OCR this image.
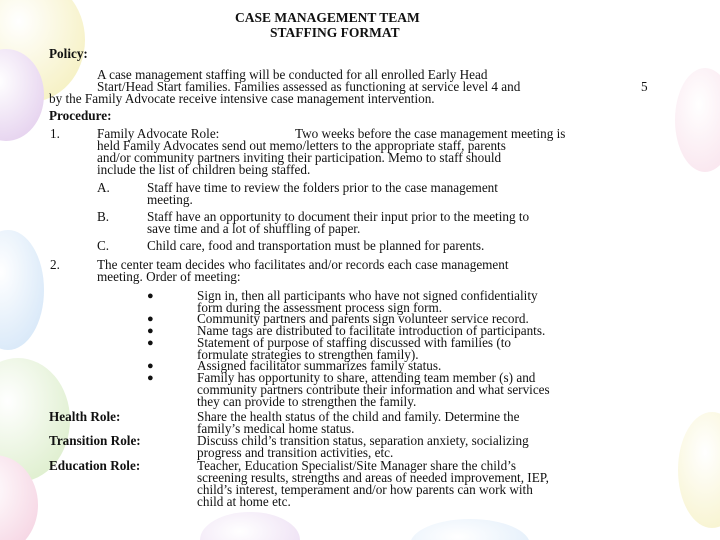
CASE MANAGEMENT TEAM
STAFFING FORMAT
Policy:
A case management staffing will be conducted for all enrolled Early Head
Start/Head Start families. Families assessed as functioning at service level 4 and	5
by the Family Advocate receive intensive case management intervention.
Procedure:
1.	Family Advocate Role:	Two weeks before the case management meeting is
held Family Advocates send out memo/letters to the appropriate staff, parents
and/or community partners inviting their participation. Memo to staff should
include the list of children being staffed.
A.	Staff have time to review the folders prior to the case management
meeting.
B.	Staff have an opportunity to document their input prior to the meeting to
save time and a lot of shuffling of paper.
C.	Child care, food and transportation must be planned for parents.
2.	The center team decides who facilitates and/or records each case management
meeting. Order of meeting:
●	Sign in, then all participants who have not signed confidentiality
form during the assessment process sign form.
●	Community partners and parents sign volunteer service record.
●	Name tags are distributed to facilitate introduction of participants.
●	Statement of purpose of staffing discussed with families (to
formulate strategies to strengthen family).
●	Assigned facilitator summarizes family status.
●	Family has opportunity to share, attending team member (s) and
community partners contribute their information and what services
they can provide to strengthen the family.
Health Role:	Share the health status of the child and family. Determine the
family’s medical home status.
Transition Role:	Discuss child’s transition status, separation anxiety, socializing
progress and transition activities, etc.
Education Role:	Teacher, Education Specialist/Site Manager share the child’s
screening results, strengths and areas of needed improvement, IEP,
child’s interest, temperament and/or how parents can work with
child at home etc.
